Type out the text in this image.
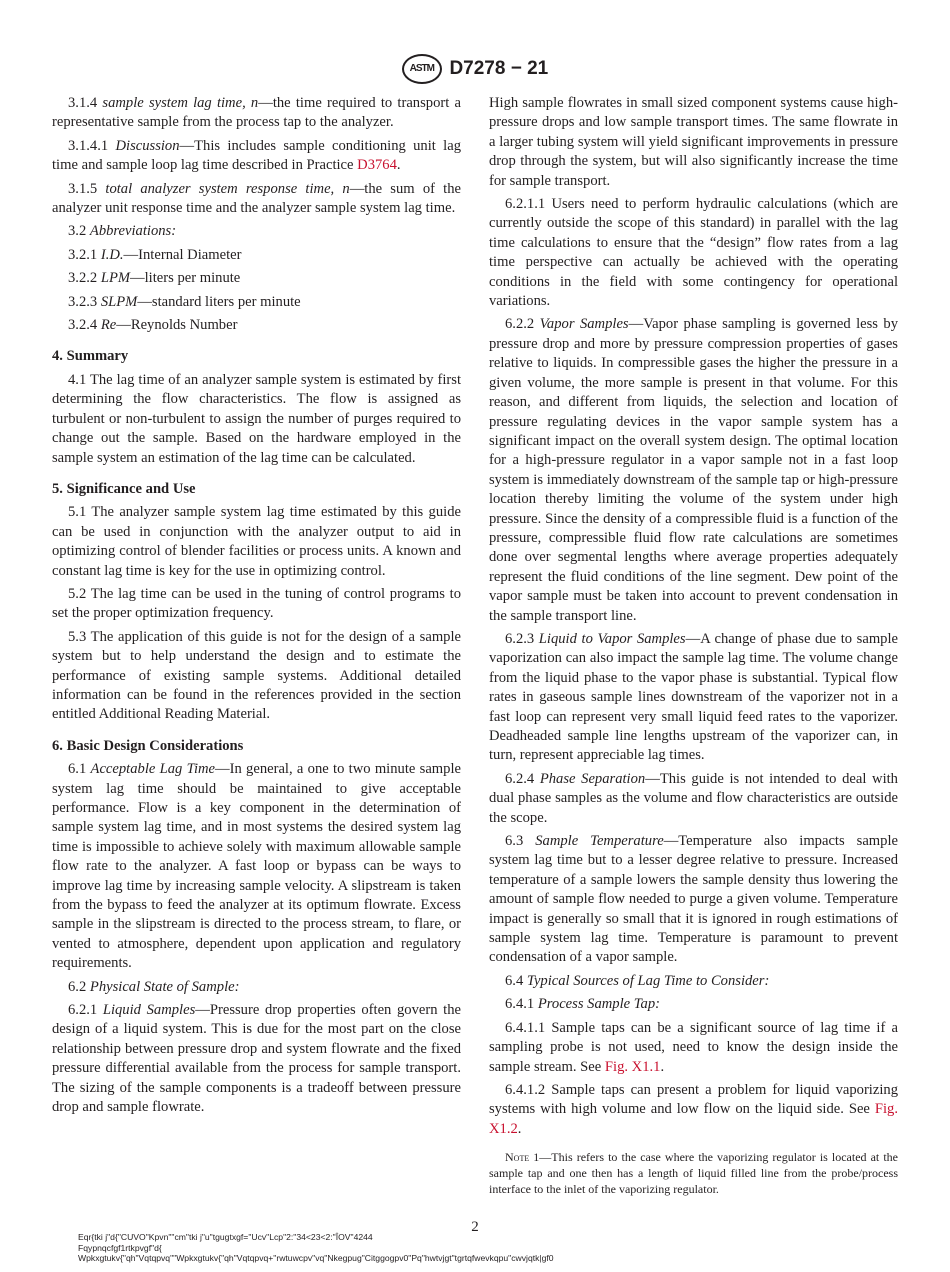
ASTM D7278 − 21

3.1.4 sample system lag time, n—the time required to transport a representative sample from the process tap to the analyzer.

3.1.4.1 Discussion—This includes sample conditioning unit lag time and sample loop lag time described in Practice D3764.

3.1.5 total analyzer system response time, n—the sum of the analyzer unit response time and the analyzer sample system lag time.

3.2 Abbreviations:

3.2.1 I.D.—Internal Diameter

3.2.2 LPM—liters per minute

3.2.3 SLPM—standard liters per minute

3.2.4 Re—Reynolds Number

4. Summary

4.1 The lag time of an analyzer sample system is estimated by first determining the flow characteristics. The flow is assigned as turbulent or non-turbulent to assign the number of purges required to change out the sample. Based on the hardware employed in the sample system an estimation of the lag time can be calculated.

5. Significance and Use

5.1 The analyzer sample system lag time estimated by this guide can be used in conjunction with the analyzer output to aid in optimizing control of blender facilities or process units. A known and constant lag time is key for the use in optimizing control.

5.2 The lag time can be used in the tuning of control programs to set the proper optimization frequency.

5.3 The application of this guide is not for the design of a sample system but to help understand the design and to estimate the performance of existing sample systems. Additional detailed information can be found in the references provided in the section entitled Additional Reading Material.

6. Basic Design Considerations

6.1 Acceptable Lag Time—In general, a one to two minute sample system lag time should be maintained to give acceptable performance. Flow is a key component in the determination of sample system lag time, and in most systems the desired system lag time is impossible to achieve solely with maximum allowable sample flow rate to the analyzer. A fast loop or bypass can be ways to improve lag time by increasing sample velocity. A slipstream is taken from the bypass to feed the analyzer at its optimum flowrate. Excess sample in the slipstream is directed to the process stream, to flare, or vented to atmosphere, dependent upon application and regulatory requirements.

6.2 Physical State of Sample:

6.2.1 Liquid Samples—Pressure drop properties often govern the design of a liquid system. This is due for the most part on the close relationship between pressure drop and system flowrate and the fixed pressure differential available from the process for sample transport. The sizing of the sample components is a tradeoff between pressure drop and sample flowrate.

High sample flowrates in small sized component systems cause high-pressure drops and low sample transport times. The same flowrate in a larger tubing system will yield significant improvements in pressure drop through the system, but will also significantly increase the time for sample transport.

6.2.1.1 Users need to perform hydraulic calculations (which are currently outside the scope of this standard) in parallel with the lag time calculations to ensure that the “design” flow rates from a lag time perspective can actually be achieved with the operating conditions in the field with some contingency for operational variations.

6.2.2 Vapor Samples—Vapor phase sampling is governed less by pressure drop and more by pressure compression properties of gases relative to liquids. In compressible gases the higher the pressure in a given volume, the more sample is present in that volume. For this reason, and different from liquids, the selection and location of pressure regulating devices in the vapor sample system has a significant impact on the overall system design. The optimal location for a high-pressure regulator in a vapor sample not in a fast loop system is immediately downstream of the sample tap or high-pressure location thereby limiting the volume of the system under high pressure. Since the density of a compressible fluid is a function of the pressure, compressible fluid flow rate calculations are sometimes done over segmental lengths where average properties adequately represent the fluid conditions of the line segment. Dew point of the vapor sample must be taken into account to prevent condensation in the sample transport line.

6.2.3 Liquid to Vapor Samples—A change of phase due to sample vaporization can also impact the sample lag time. The volume change from the liquid phase to the vapor phase is substantial. Typical flow rates in gaseous sample lines downstream of the vaporizer not in a fast loop can represent very small liquid feed rates to the vaporizer. Deadheaded sample line lengths upstream of the vaporizer can, in turn, represent appreciable lag times.

6.2.4 Phase Separation—This guide is not intended to deal with dual phase samples as the volume and flow characteristics are outside the scope.

6.3 Sample Temperature—Temperature also impacts sample system lag time but to a lesser degree relative to pressure. Increased temperature of a sample lowers the sample density thus lowering the amount of sample flow needed to purge a given volume. Temperature impact is generally so small that it is ignored in rough estimations of sample system lag time. Temperature is paramount to prevent condensation of a vapor sample.

6.4 Typical Sources of Lag Time to Consider:

6.4.1 Process Sample Tap:

6.4.1.1 Sample taps can be a significant source of lag time if a sampling probe is not used, need to know the design inside the sample stream. See Fig. X1.1.

6.4.1.2 Sample taps can present a problem for liquid vaporizing systems with high volume and low flow on the liquid side. See Fig. X1.2.

Note 1—This refers to the case where the vaporizing regulator is located at the sample tap and one then has a length of liquid filled line from the probe/process interface to the inlet of the vaporizing regulator.

2
Eqr{tki j"d{"CUVO"Kpvn""cm"tki j"u"tgugtxgf="Ucv"Lcp"2:"34<23<2:"ÎOV"4244
Fqypnqcfgf1rtkpvgf"d{
Wpkxgtukv{"qh"Vqtqpvq""Wpkxgtukv{"qh"Vqtqpvq+"rwtuwcpv"vq"Nkegpug"Citggogpv0"Pq"hwtvjgt"tgrtqfwevkqpu"cwvjqtk|gf0
